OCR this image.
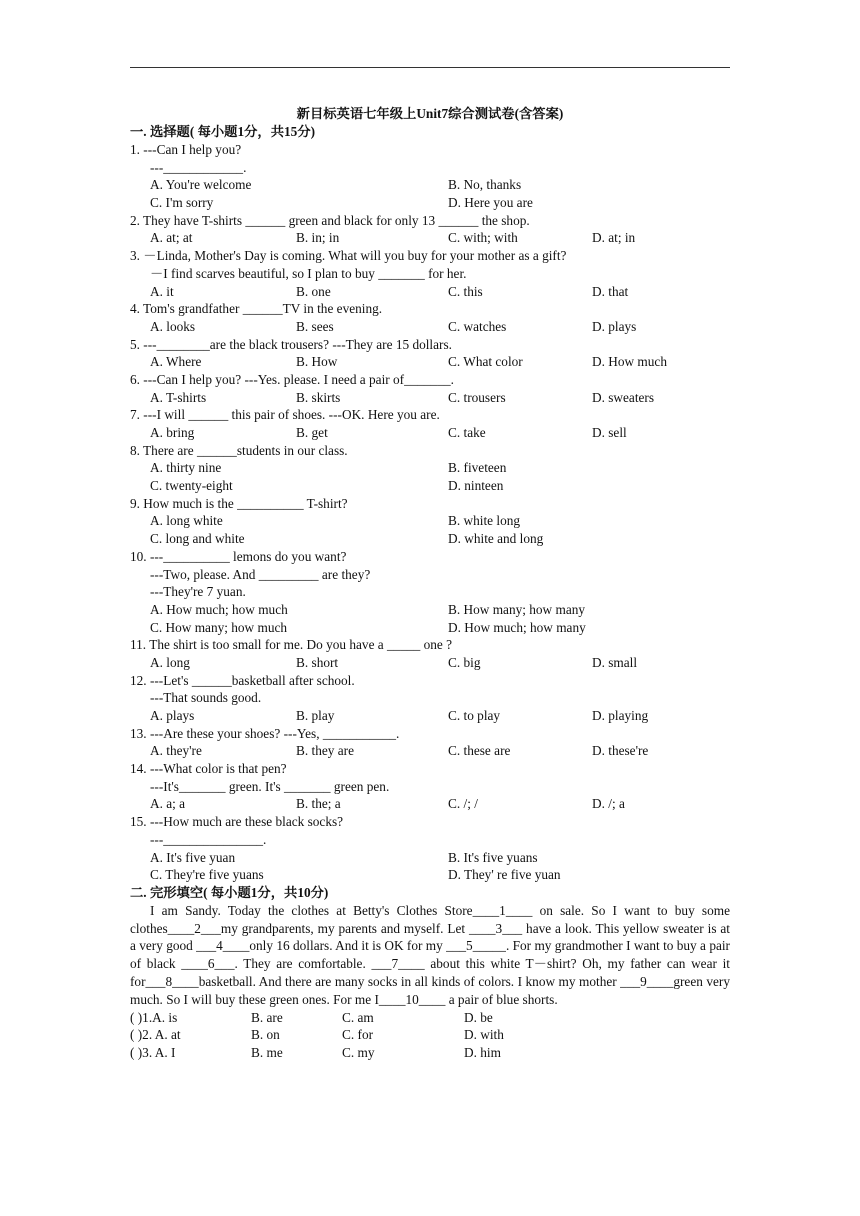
新目标英语七年级上Unit7综合测试卷(含答案)
一. 选择题( 每小题1分，共15分)
1. ---Can I help you?
---____________.
A. You're welcome	B. No, thanks
C. I'm sorry	D. Here you are
2. They have T-shirts ______ green and black for only 13 ______ the shop.
A. at; at	B. in; in	C. with; with	D. at; in
3. －Linda, Mother's Day is coming. What will you buy for your mother as a gift?
－I find scarves beautiful, so I plan to buy _______ for her.
A. it	B. one	C. this	D. that
4. Tom's grandfather ______TV in the evening.
A. looks	B. sees	C. watches	D. plays
5. ---________are the black trousers? ---They are 15 dollars.
A. Where	B. How	C. What color	D. How much
6. ---Can I help you? ---Yes. please. I need a pair of_______.
A. T-shirts	B. skirts	C. trousers	D. sweaters
7. ---I will ______ this pair of shoes. ---OK. Here you are.
A. bring	B. get	C. take	D. sell
8. There are ______students in our class.
A. thirty nine	B. fiveteen
C. twenty-eight	D. ninteen
9. How much is the __________ T-shirt?
A. long white	B. white long
C. long and white	D. white and long
10. ---__________ lemons do you want?
---Two, please. And _________ are they?
---They're 7 yuan.
A. How much; how much	B. How many; how many
C. How many; how much	D. How much; how many
11. The shirt is too small for me. Do you have a _____ one ?
A. long	B. short	C. big	D. small
12. ---Let's ______basketball after school.
---That sounds good.
A. plays	B. play	C. to play	D. playing
13. ---Are these your shoes? ---Yes, ___________.
A. they're	B. they are	C. these are	D. these're
14. ---What color is that pen?
---It's_______ green. It's _______ green pen.
A. a; a	B. the; a	C. /; /	D. /; a
15. ---How much are these black socks?
---_______________.
A. It's five yuan	B. It's five yuans
C. They're five yuans	D. They' re five yuan
二. 完形填空( 每小题1分，共10分)

I am Sandy. Today the clothes at Betty's Clothes Store____1____ on sale. So I want to buy some clothes____2___my grandparents, my parents and myself. Let ____3___ have a look. This yellow sweater is at a very good ___4____only 16 dollars. And it is OK for my ___5_____. For my grandmother I want to buy a pair of black ____6___. They are comfortable. ___7____ about this white T－shirt? Oh, my father can wear it for___8____basketball. And there are many socks in all kinds of colors. I know my mother ___9____green very much. So I will buy these green ones. For me I____10____ a pair of blue shorts.

( )1.A. is	B. are	C. am	D. be
( )2. A. at	B. on	C. for	D. with
( )3. A. I	B. me	C. my	D. him
